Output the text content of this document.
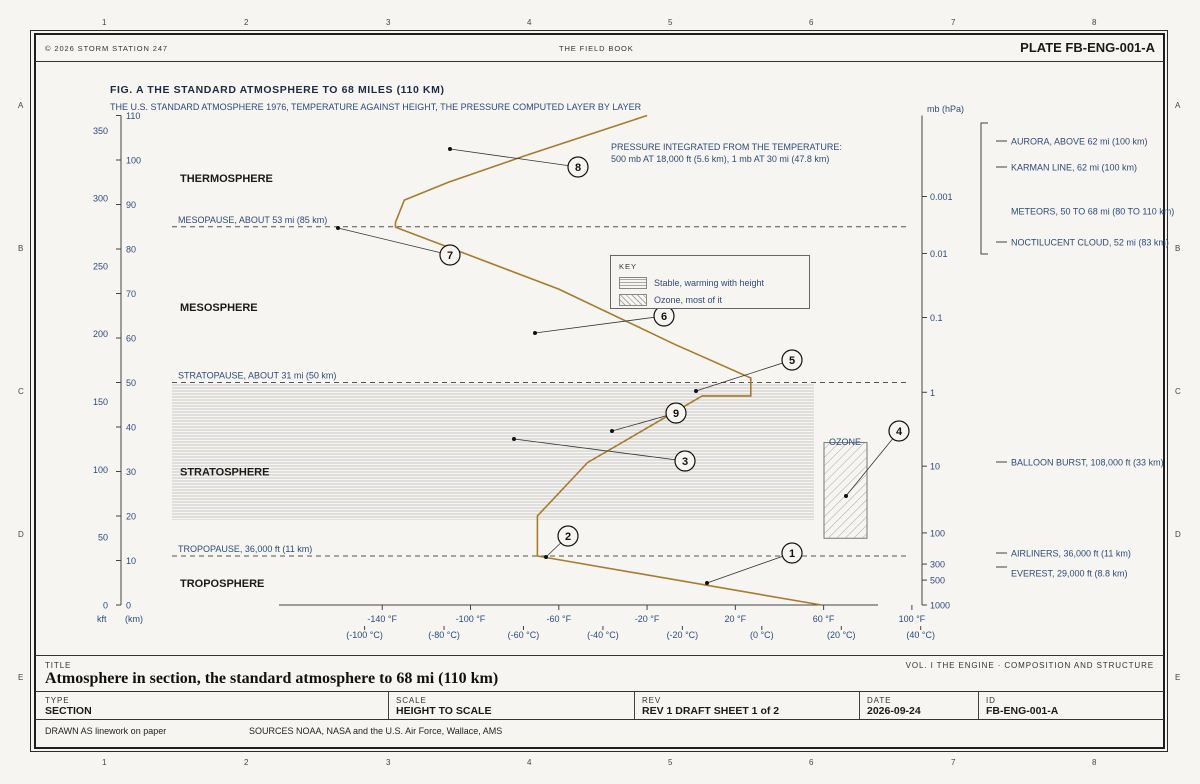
1	2	3	4	5	6	7	8
1	2	3	4	5	6	7	8
A
B
C
D
E
A
B
C
D
E
© 2026 STORM STATION 247	THE FIELD BOOK	PLATE FB-ENG-001-A
FIG. A THE STANDARD ATMOSPHERE TO 68 MILES (110 KM)
THE U.S. STANDARD ATMOSPHERE 1976, TEMPERATURE AGAINST HEIGHT, THE PRESSURE COMPUTED LAYER BY LAYER
PRESSURE INTEGRATED FROM THE TEMPERATURE:
500 mb AT 18,000 ft (5.6 km), 1 mb AT 30 mi (47.8 km)
0
10
20
30
40
50
60
70
80
90
100
110
0
50
100
150
200
250
300
350
kft (km)	-140 °F	-100 °F	-60 °F	-20 °F	20 °F	60 °F	100 °F
(-100 °C)	(-80 °C)	(-60 °C)	(-40 °C)	(-20 °C)	(0 °C)	(20 °C)	(40 °C)
mb (hPa)
1000
500
300
100
10
1
0.1
0.01
0.001
MESOPAUSE, ABOUT 53 mi (85 km)
STRATOPAUSE, ABOUT 31 mi (50 km)
TROPOPAUSE, 36,000 ft (11 km)
THERMOSPHERE
MESOSPHERE
STRATOSPHERE
TROPOSPHERE
1
2
3
4
5
6
7
8
9
AURORA, ABOVE 62 mi (100 km)
KARMAN LINE, 62 mi (100 km)
METEORS, 50 TO 68 mi (80 TO 110 km)
NOCTILUCENT CLOUD, 52 mi (83 km)
BALLOON BURST, 108,000 ft (33 km)
AIRLINERS, 36,000 ft (11 km)
EVEREST, 29,000 ft (8.8 km)
KEY
Stable, warming with height
Ozone, most of it
OZONE
TITLE
Atmosphere in section, the standard atmosphere to 68 mi (110 km)
VOL. I THE ENGINE · COMPOSITION AND STRUCTURE
TYPE
SECTION
SCALE
HEIGHT TO SCALE
REV
REV 1 DRAFT SHEET 1 of 2
DATE
2026-09-24
ID
FB-ENG-001-A
DRAWN AS linework on paper	SOURCES NOAA, NASA and the U.S. Air Force, Wallace, AMS
